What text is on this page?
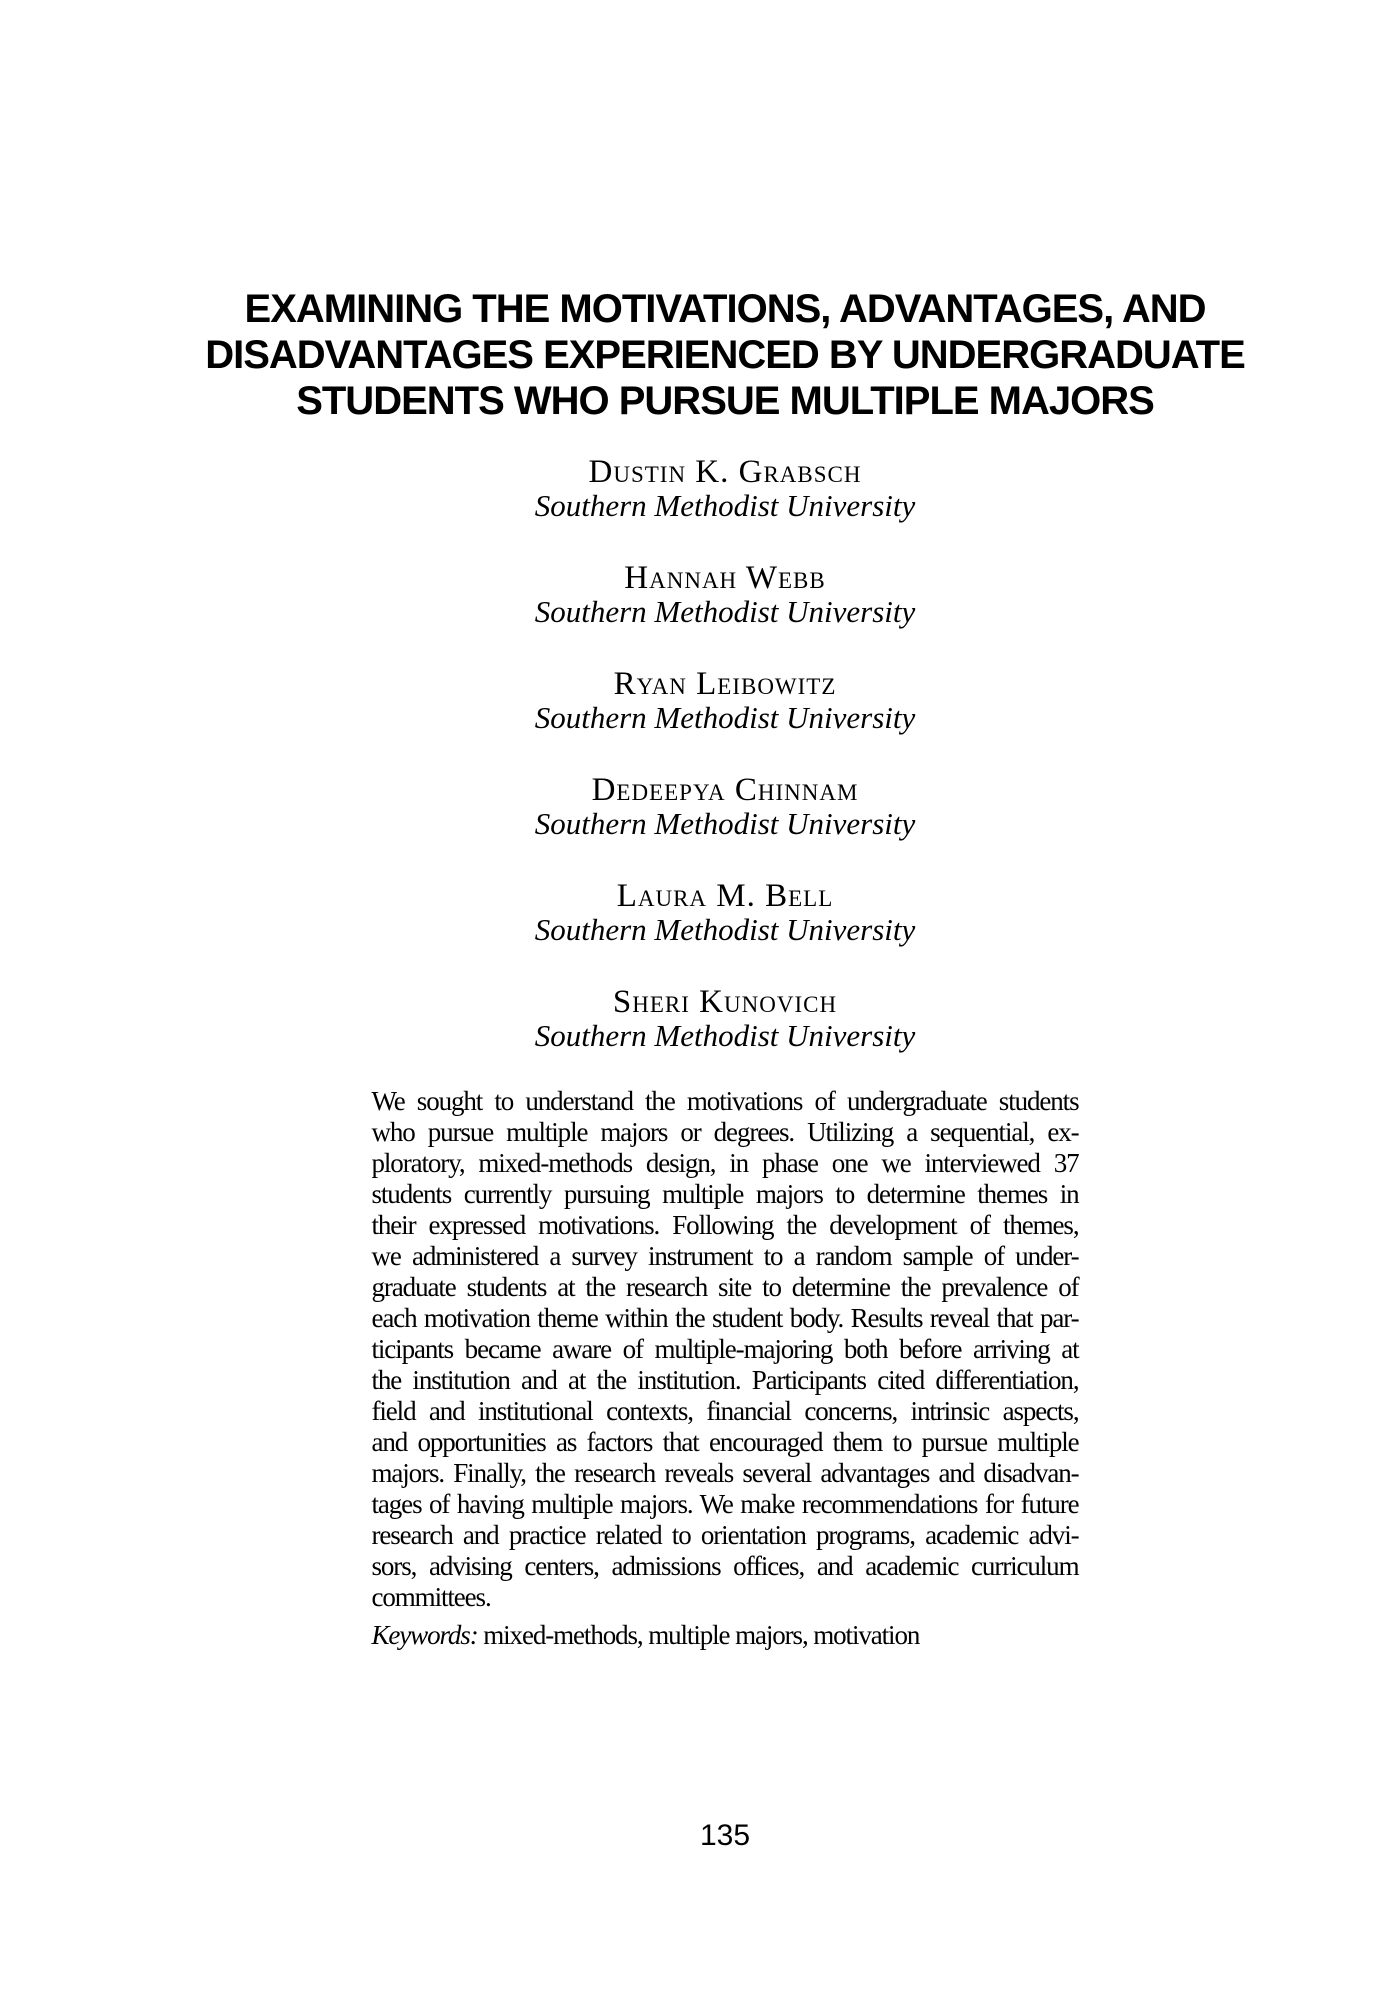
EXAMINING THE MOTIVATIONS, ADVANTAGES, AND
DISADVANTAGES EXPERIENCED BY UNDERGRADUATE
STUDENTS WHO PURSUE MULTIPLE MAJORS
Dustin K. Grabsch
Southern Methodist University
Hannah Webb
Southern Methodist University
Ryan Leibowitz
Southern Methodist University
Dedeepya Chinnam
Southern Methodist University
Laura M. Bell
Southern Methodist University
Sheri Kunovich
Southern Methodist University
We sought to understand the motivations of undergraduate students
who pursue multiple majors or degrees. Utilizing a sequential, ex-
ploratory, mixed-methods design, in phase one we interviewed 37
students currently pursuing multiple majors to determine themes in
their expressed motivations. Following the development of themes,
we administered a survey instrument to a random sample of under-
graduate students at the research site to determine the prevalence of
each motivation theme within the student body. Results reveal that par-
ticipants became aware of multiple-majoring both before arriving at
the institution and at the institution. Participants cited differentiation,
field and institutional contexts, financial concerns, intrinsic aspects,
and opportunities as factors that encouraged them to pursue multiple
majors. Finally, the research reveals several advantages and disadvan-
tages of having multiple majors. We make recommendations for future
research and practice related to orientation programs, academic advi-
sors, advising centers, admissions offices, and academic curriculum
committees.

Keywords: mixed-methods, multiple majors, motivation

135
